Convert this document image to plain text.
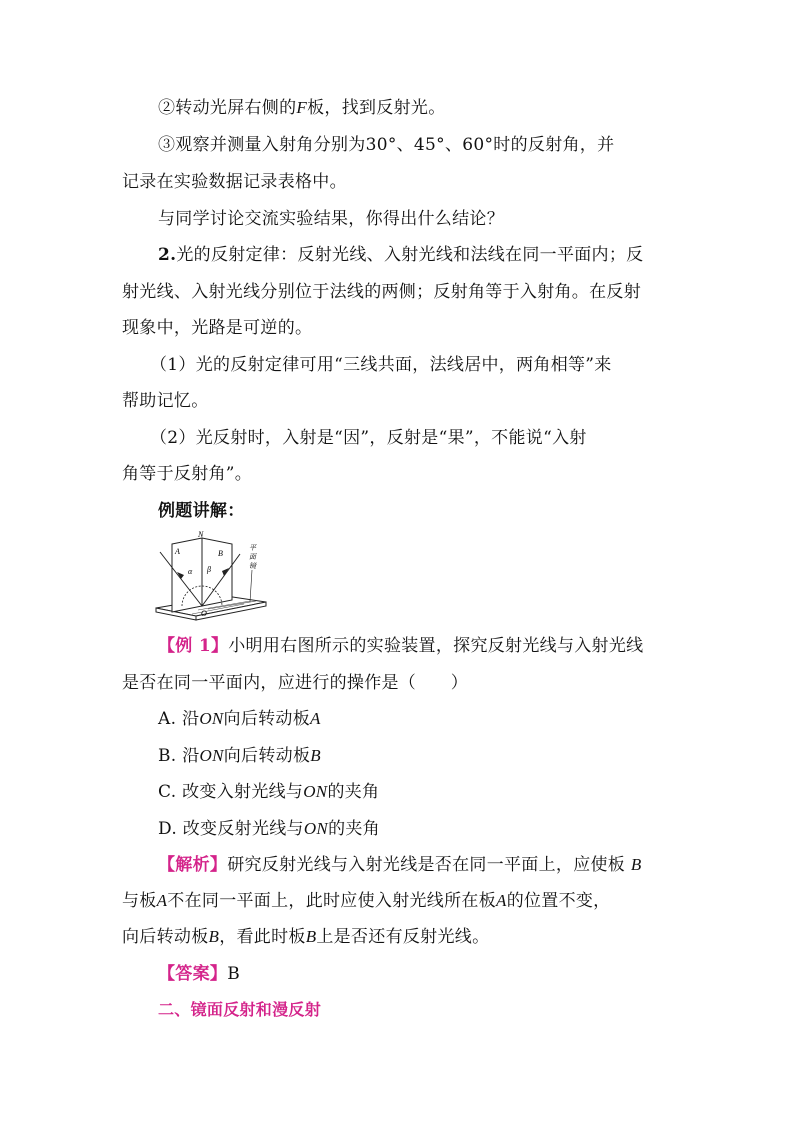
②转动光屏右侧的F板，找到反射光。
③观察并测量入射角分别为30°、45°、60°时的反射角，并
记录在实验数据记录表格中。
与同学讨论交流实验结果，你得出什么结论？
2.光的反射定律：反射光线、入射光线和法线在同一平面内；反
射光线、入射光线分别位于法线的两侧；反射角等于入射角。在反射
现象中，光路是可逆的。
（1）光的反射定律可用“三线共面，法线居中，两角相等”来
帮助记忆。
（2）光反射时，入射是“因”，反射是“果”，不能说“入射
角等于反射角”。
例题讲解：
N
A	B
α β
O
平
面
镜
【例 1】小明用右图所示的实验装置，探究反射光线与入射光线
是否在同一平面内，应进行的操作是（　　）
A. 沿ON向后转动板A
B. 沿ON向后转动板B
C. 改变入射光线与ON的夹角
D. 改变反射光线与ON的夹角
【解析】研究反射光线与入射光线是否在同一平面上，应使板 B
与板A不在同一平面上，此时应使入射光线所在板A的位置不变，
向后转动板B，看此时板B上是否还有反射光线。
【答案】B
二、镜面反射和漫反射
